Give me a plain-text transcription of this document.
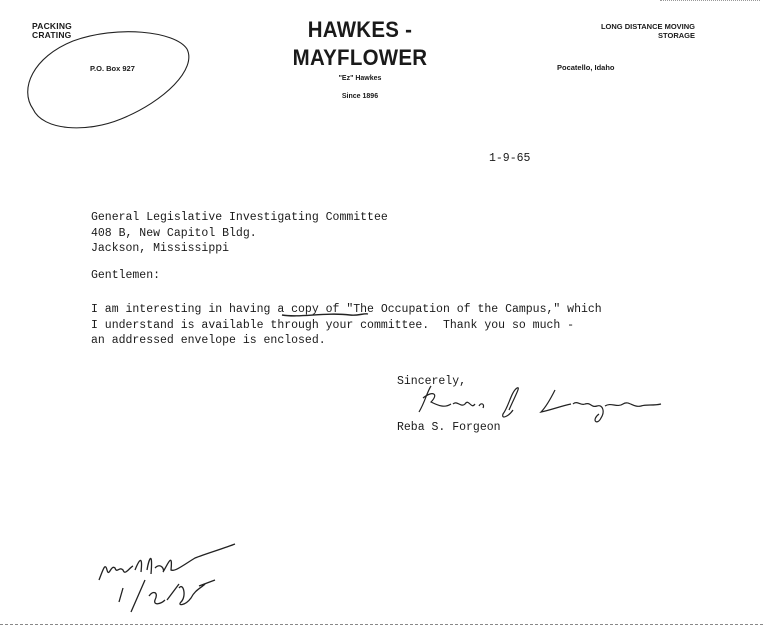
PACKING
CRATING
P.O. Box 927
HAWKES - MAYFLOWER
"Ez" Hawkes
Since 1896
LONG DISTANCE MOVING
STORAGE
Pocatello, Idaho
1-9-65
General Legislative Investigating Committee
408 B, New Capitol Bldg.
Jackson, Mississippi
Gentlemen:
I am interesting in having a copy of "The Occupation of the Campus," which
I understand is available through your committee.  Thank you so much -
an addressed envelope is enclosed.
Sincerely,
Reba S. Forgeon
